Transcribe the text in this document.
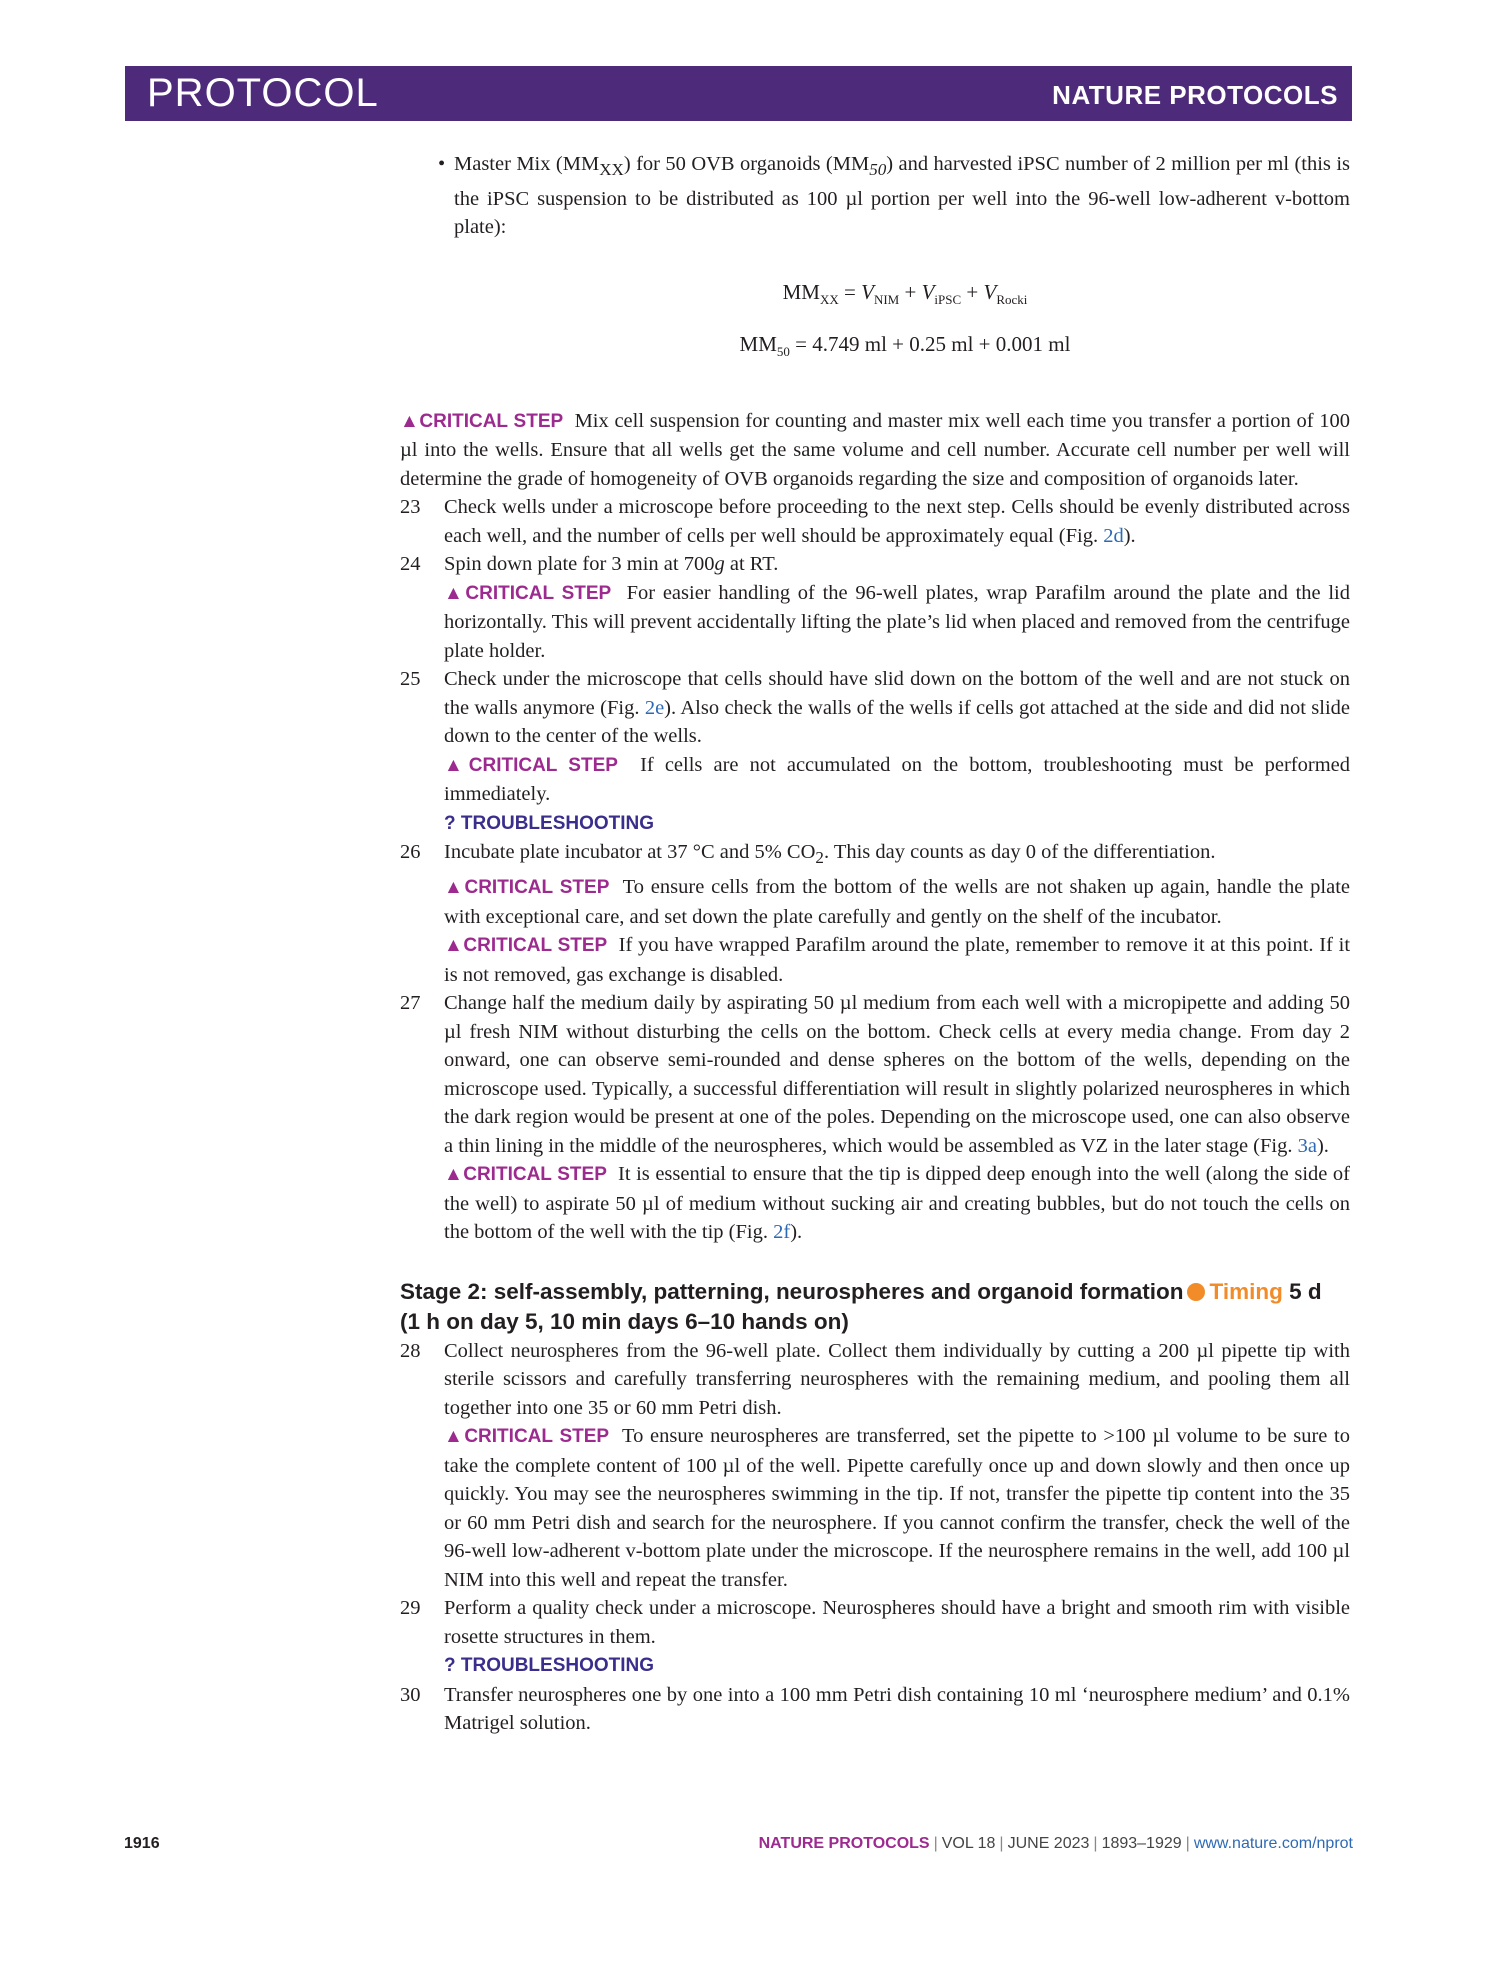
PROTOCOL	NATURE PROTOCOLS
• Master Mix $(MM_{XX})$ for 50 OVB organoids $(MM_{50})$ and harvested iPSC number of 2 million per ml (this is the iPSC suspension to be distributed as 100 µl portion per well into the 96-well low-adherent v-bottom plate):
$MM_{XX} = V_{NIM} + V_{iPSC} + V_{Rocki}$
$MM_{50} = 4.749$ ml + 0.25 ml + 0.001 ml

▲CRITICAL STEP Mix cell suspension for counting and master mix well each time you transfer a portion of 100 µl into the wells. Ensure that all wells get the same volume and cell number. Accurate cell number per well will determine the grade of homogeneity of OVB organoids regarding the size and composition of organoids later.

23 Check wells under a microscope before proceeding to the next step. Cells should be evenly distributed across each well, and the number of cells per well should be approximately equal (Fig. 2d).
24 Spin down plate for 3 min at 700g at RT.

▲CRITICAL STEP For easier handling of the 96-well plates, wrap Parafilm around the plate and the lid horizontally. This will prevent accidentally lifting the plate’s lid when placed and removed from the centrifuge plate holder.

25 Check under the microscope that cells should have slid down on the bottom of the well and are not stuck on the walls anymore (Fig. 2e). Also check the walls of the wells if cells got attached at the side and did not slide down to the center of the wells.

▲CRITICAL STEP If cells are not accumulated on the bottom, troubleshooting must be performed immediately.

? TROUBLESHOOTING

26 Incubate plate incubator at 37 °C and 5% $CO_2$. This day counts as day 0 of the differentiation.

▲CRITICAL STEP To ensure cells from the bottom of the wells are not shaken up again, handle the plate with exceptional care, and set down the plate carefully and gently on the shelf of the incubator.

▲CRITICAL STEP If you have wrapped Parafilm around the plate, remember to remove it at this point. If it is not removed, gas exchange is disabled.

27 Change half the medium daily by aspirating 50 µl medium from each well with a micropipette and adding 50 µl fresh NIM without disturbing the cells on the bottom. Check cells at every media change. From day 2 onward, one can observe semi-rounded and dense spheres on the bottom of the wells, depending on the microscope used. Typically, a successful differentiation will result in slightly polarized neurospheres in which the dark region would be present at one of the poles. Depending on the microscope used, one can also observe a thin lining in the middle of the neurospheres, which would be assembled as VZ in the later stage (Fig. 3a).

▲CRITICAL STEP It is essential to ensure that the tip is dipped deep enough into the well (along the side of the well) to aspirate 50 µl of medium without sucking air and creating bubbles, but do not touch the cells on the bottom of the well with the tip (Fig. 2f).

Stage 2: self-assembly, patterning, neurospheres and organoid formation Timing 5 d
(1 h on day 5, 10 min days 6–10 hands on)
28 Collect neurospheres from the 96-well plate. Collect them individually by cutting a 200 µl pipette tip with sterile scissors and carefully transferring neurospheres with the remaining medium, and pooling them all together into one 35 or 60 mm Petri dish.

▲CRITICAL STEP To ensure neurospheres are transferred, set the pipette to >100 µl volume to be sure to take the complete content of 100 µl of the well. Pipette carefully once up and down slowly and then once up quickly. You may see the neurospheres swimming in the tip. If not, transfer the pipette tip content into the 35 or 60 mm Petri dish and search for the neurosphere. If you cannot confirm the transfer, check the well of the 96-well low-adherent v-bottom plate under the microscope. If the neurosphere remains in the well, add 100 µl NIM into this well and repeat the transfer.

29 Perform a quality check under a microscope. Neurospheres should have a bright and smooth rim with visible rosette structures in them.

? TROUBLESHOOTING

30 Transfer neurospheres one by one into a 100 mm Petri dish containing 10 ml ‘neurosphere medium’ and 0.1% Matrigel solution.
1916	NATURE PROTOCOLS | VOL 18 | JUNE 2023 | 1893–1929 | www.nature.com/nprot
